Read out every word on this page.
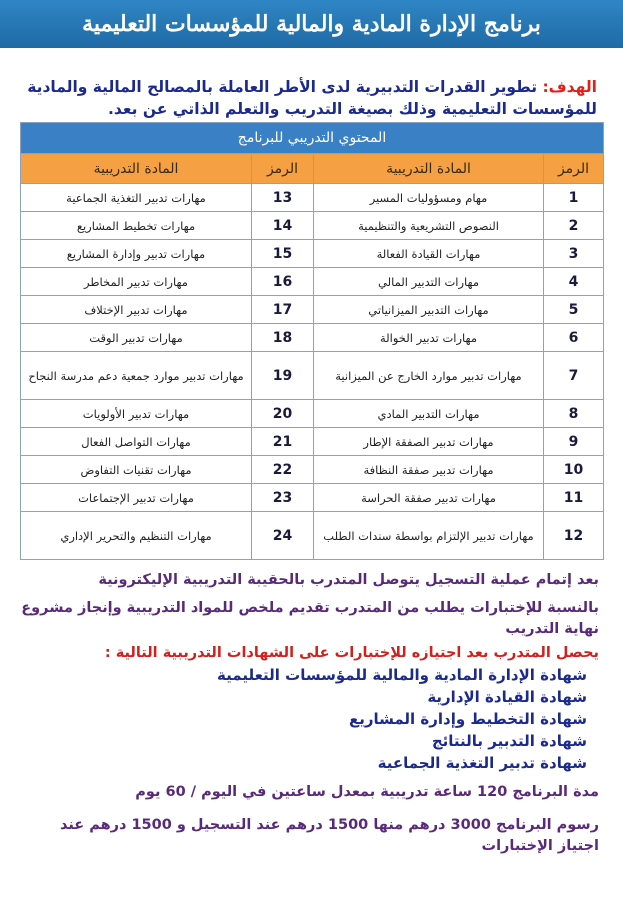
برنامج الإدارة المادية والمالية للمؤسسات التعليمية

الهدف: تطوير القدرات التدبيرية لدى الأطر العاملة بالمصالح المالية والمادية للمؤسسات التعليمية وذلك بصيغة التدريب والتعلم الذاتي عن بعد.

المحتوي التدريبي للبرنامج			
الرمز	المادة التدريبية	الرمز	المادة التدريبية
1	مهام ومسؤوليات المسير	13	مهارات تدبير التغذية الجماعية
2	النصوص التشريعية والتنظيمية	14	مهارات تخطيط المشاريع
3	مهارات القيادة الفعالة	15	مهارات تدبير وإدارة المشاريع
4	مهارات التدبير المالي	16	مهارات تدبير المخاطر
5	مهارات التدبير الميزانياتي	17	مهارات تدبير الإختلاف
6	مهارات تدبير الخوالة	18	مهارات تدبير الوقت
7	مهارات تدبير موارد الخارج عن الميزانية	19	مهارات تدبير موارد جمعية دعم مدرسة النجاح
8	مهارات التدبير المادي	20	مهارات تدبير الأولويات
9	مهارات تدبير الصفقة الإطار	21	مهارات التواصل الفعال
10	مهارات تدبير صفقة النظافة	22	مهارات تقنيات التفاوض
11	مهارات تدبير صفقة الحراسة	23	مهارات تدبير الإجتماعات
12	مهارات تدبير الإلتزام بواسطة سندات الطلب	24	مهارات التنظيم والتحرير الإداري

بعد إتمام عملية التسجيل يتوصل المتدرب بالحقيبة التدريبية الإليكترونية

بالنسبة للإختبارات يطلب من المتدرب تقديم ملخص للمواد التدريبية وإنجاز مشروع نهاية التدريب

يحصل المتدرب بعد اجتيازه للإختبارات على الشهادات التدريبية التالية :

شهادة الإدارة المادية والمالية للمؤسسات التعليمية

شهادة القيادة الإدارية

شهادة التخطيط وإدارة المشاريع

شهادة التدبير بالنتائج

شهادة تدبير التغذية الجماعية

مدة البرنامج 120 ساعة تدريبية بمعدل ساعتين في اليوم / 60 يوم

رسوم البرنامج 3000 درهم منها 1500 درهم عند التسجيل و 1500 درهم عند اجتياز الإختبارات
